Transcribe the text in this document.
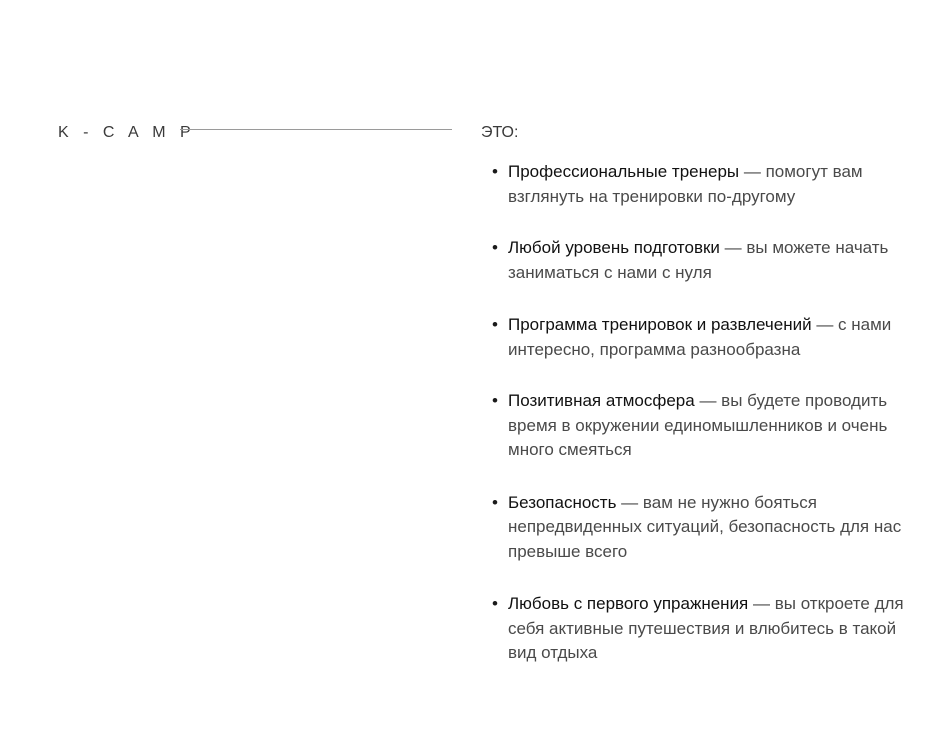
K - C A M P	ЭТО:
• Профессиональные тренеры — помогут вам взглянуть на тренировки по-другому
• Любой уровень подготовки — вы можете начать заниматься с нами с нуля
• Программа тренировок и развлечений — с нами интересно, программа разнообразна
• Позитивная атмосфера — вы будете проводить время в окружении единомышленников и очень много смеяться
• Безопасность — вам не нужно бояться непредвиденных ситуаций, безопасность для нас превыше всего
• Любовь с первого упражнения — вы откроете для себя активные путешествия и влюбитесь в такой вид отдыха
